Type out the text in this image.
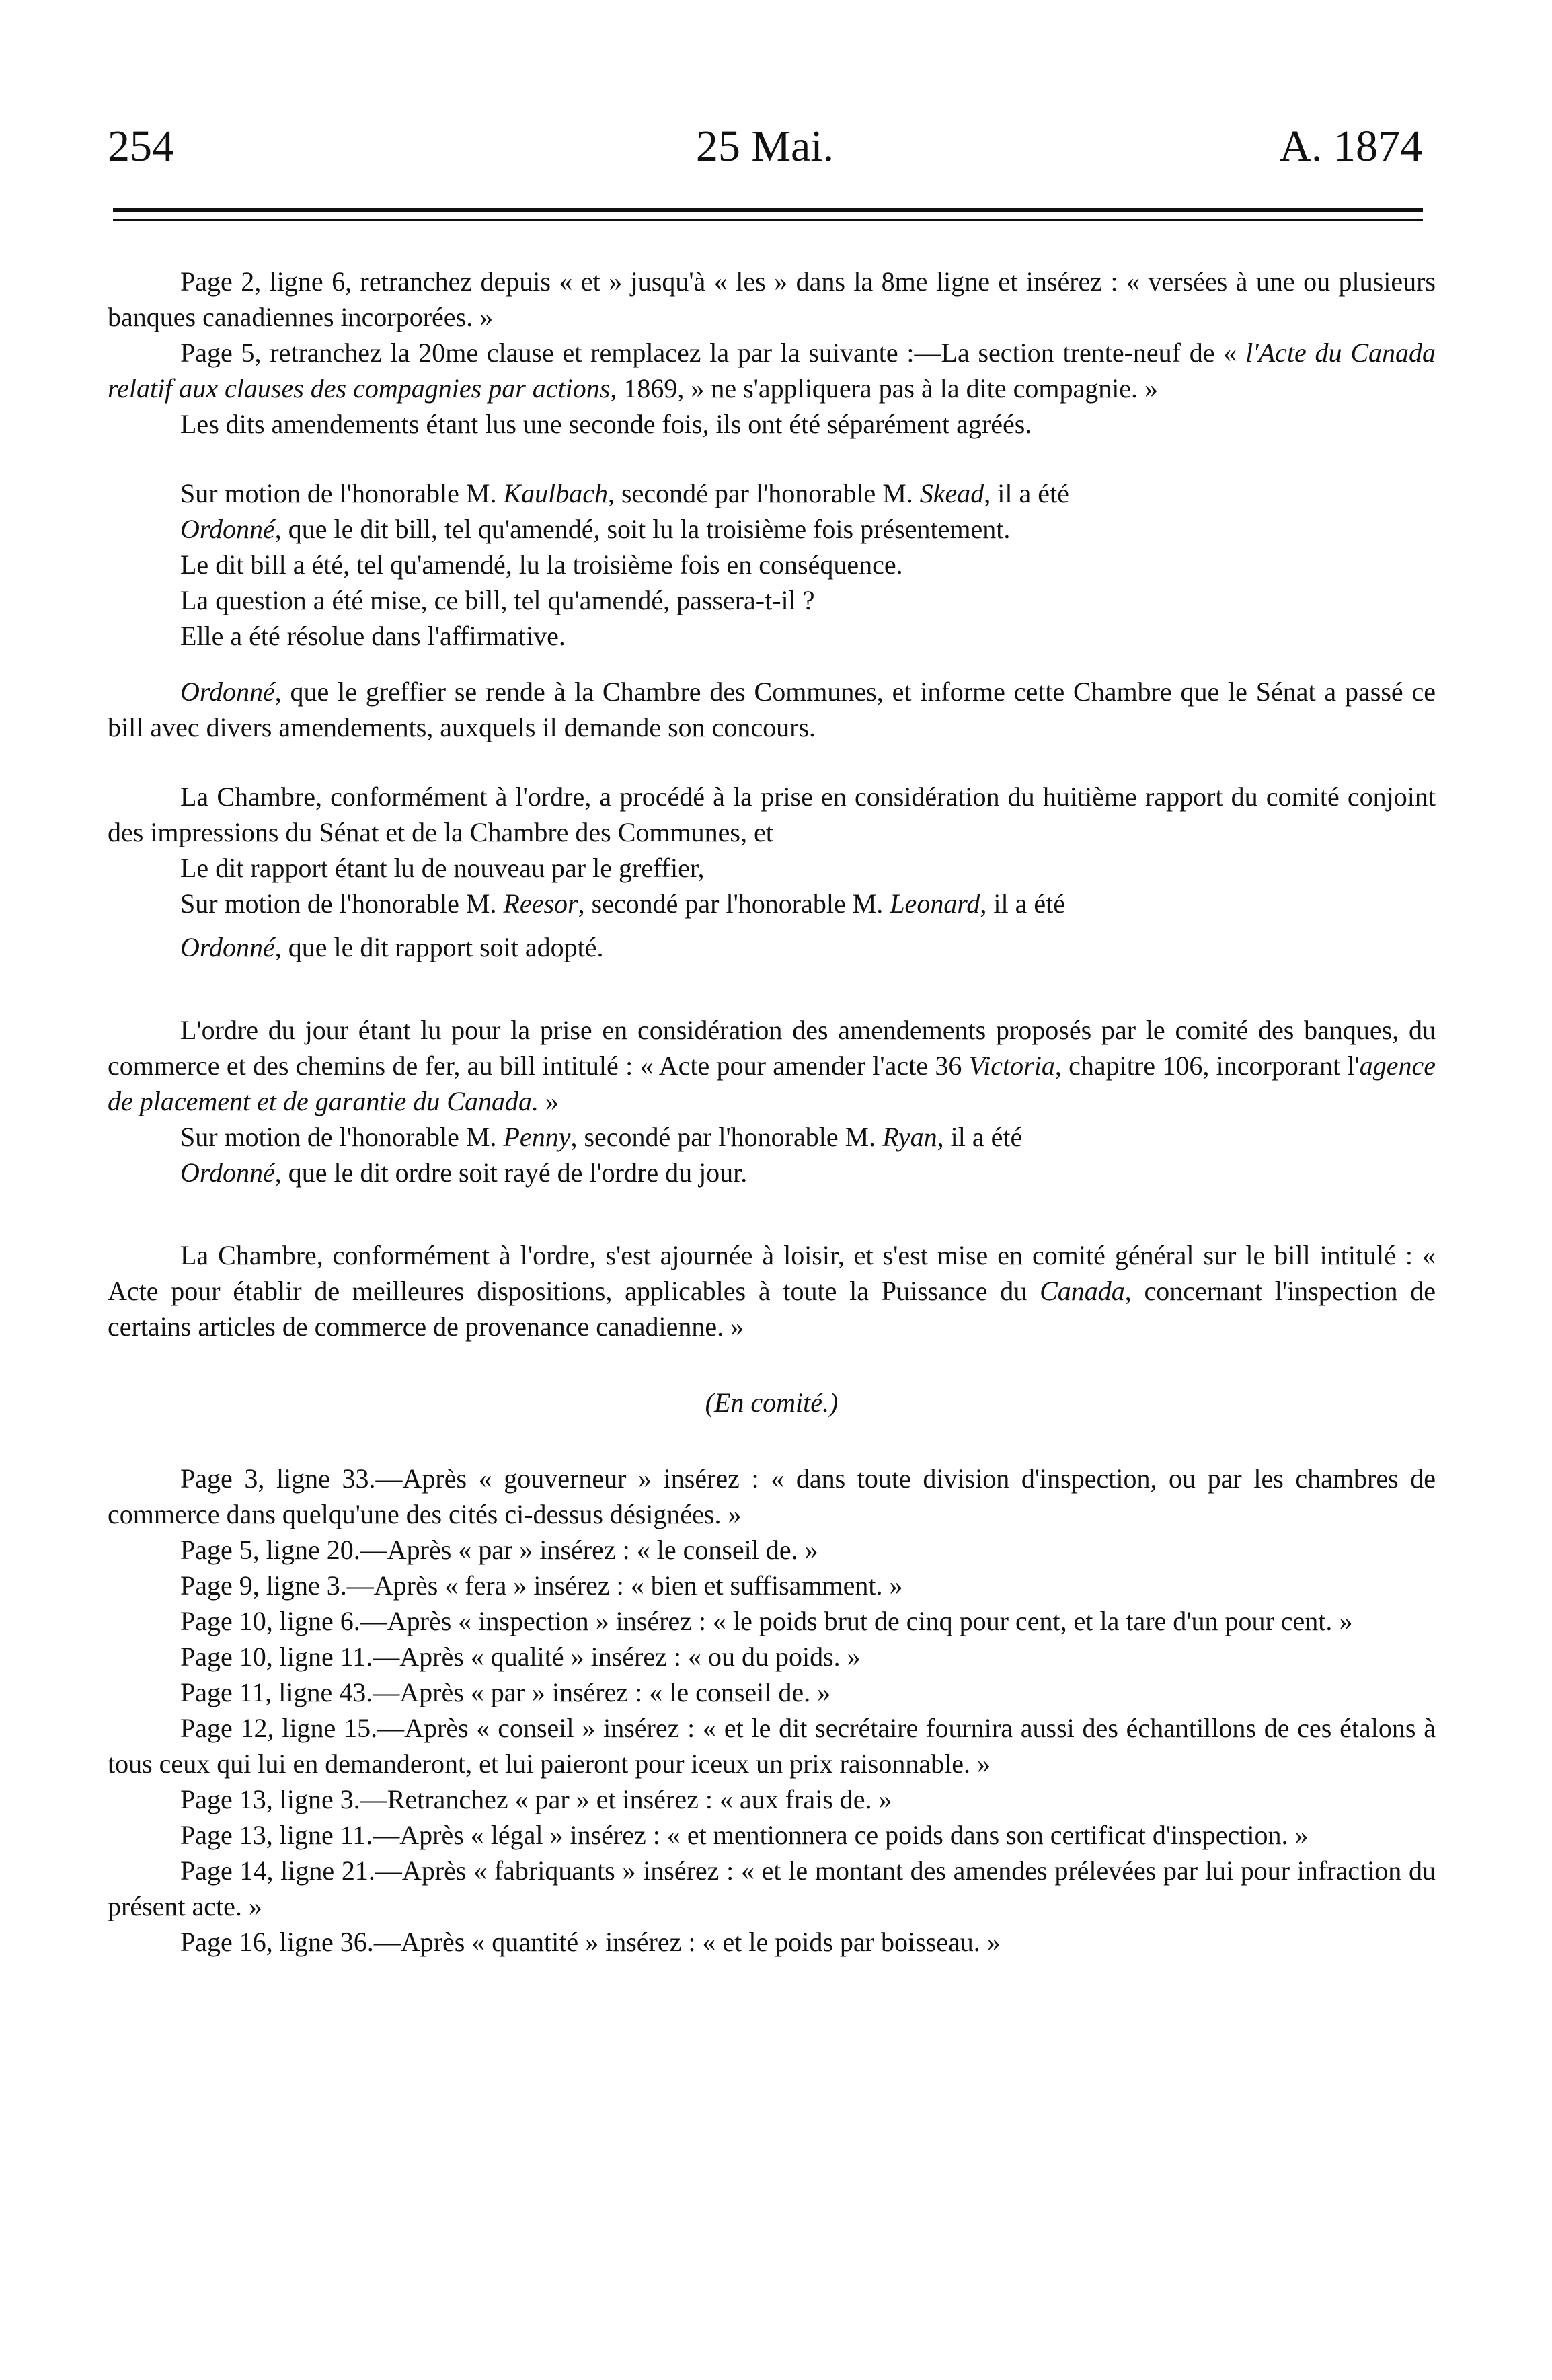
254	25 Mai.	A. 1874

Page 2, ligne 6, retranchez depuis « et » jusqu'à « les » dans la 8me ligne et insérez : « versées à une ou plusieurs banques canadiennes incorporées. »

Page 5, retranchez la 20me clause et remplacez la par la suivante :—La section trente-neuf de « l'Acte du Canada relatif aux clauses des compagnies par actions, 1869, » ne s'appliquera pas à la dite compagnie. »

Les dits amendements étant lus une seconde fois, ils ont été séparément agréés.

Sur motion de l'honorable M. Kaulbach, secondé par l'honorable M. Skead, il a été

Ordonné, que le dit bill, tel qu'amendé, soit lu la troisième fois présentement.

Le dit bill a été, tel qu'amendé, lu la troisième fois en conséquence.

La question a été mise, ce bill, tel qu'amendé, passera-t-il ?

Elle a été résolue dans l'affirmative.

Ordonné, que le greffier se rende à la Chambre des Communes, et informe cette Chambre que le Sénat a passé ce bill avec divers amendements, auxquels il demande son concours.

La Chambre, conformément à l'ordre, a procédé à la prise en considération du huitième rapport du comité conjoint des impressions du Sénat et de la Chambre des Communes, et

Le dit rapport étant lu de nouveau par le greffier,

Sur motion de l'honorable M. Reesor, secondé par l'honorable M. Leonard, il a été

Ordonné, que le dit rapport soit adopté.

L'ordre du jour étant lu pour la prise en considération des amendements proposés par le comité des banques, du commerce et des chemins de fer, au bill intitulé : « Acte pour amender l'acte 36 Victoria, chapitre 106, incorporant l'agence de placement et de garantie du Canada. »

Sur motion de l'honorable M. Penny, secondé par l'honorable M. Ryan, il a été

Ordonné, que le dit ordre soit rayé de l'ordre du jour.

La Chambre, conformément à l'ordre, s'est ajournée à loisir, et s'est mise en comité général sur le bill intitulé : « Acte pour établir de meilleures dispositions, applicables à toute la Puissance du Canada, concernant l'inspection de certains articles de commerce de provenance canadienne. »

(En comité.)

Page 3, ligne 33.—Après « gouverneur » insérez : « dans toute division d'inspection, ou par les chambres de commerce dans quelqu'une des cités ci-dessus désignées. »

Page 5, ligne 20.—Après « par » insérez : « le conseil de. »

Page 9, ligne 3.—Après « fera » insérez : « bien et suffisamment. »

Page 10, ligne 6.—Après « inspection » insérez : « le poids brut de cinq pour cent, et la tare d'un pour cent. »

Page 10, ligne 11.—Après « qualité » insérez : « ou du poids. »

Page 11, ligne 43.—Après « par » insérez : « le conseil de. »

Page 12, ligne 15.—Après « conseil » insérez : « et le dit secrétaire fournira aussi des échantillons de ces étalons à tous ceux qui lui en demanderont, et lui paieront pour iceux un prix raisonnable. »

Page 13, ligne 3.—Retranchez « par » et insérez : « aux frais de. »

Page 13, ligne 11.—Après « légal » insérez : « et mentionnera ce poids dans son certificat d'inspection. »

Page 14, ligne 21.—Après « fabriquants » insérez : « et le montant des amendes prélevées par lui pour infraction du présent acte. »

Page 16, ligne 36.—Après « quantité » insérez : « et le poids par boisseau. »
